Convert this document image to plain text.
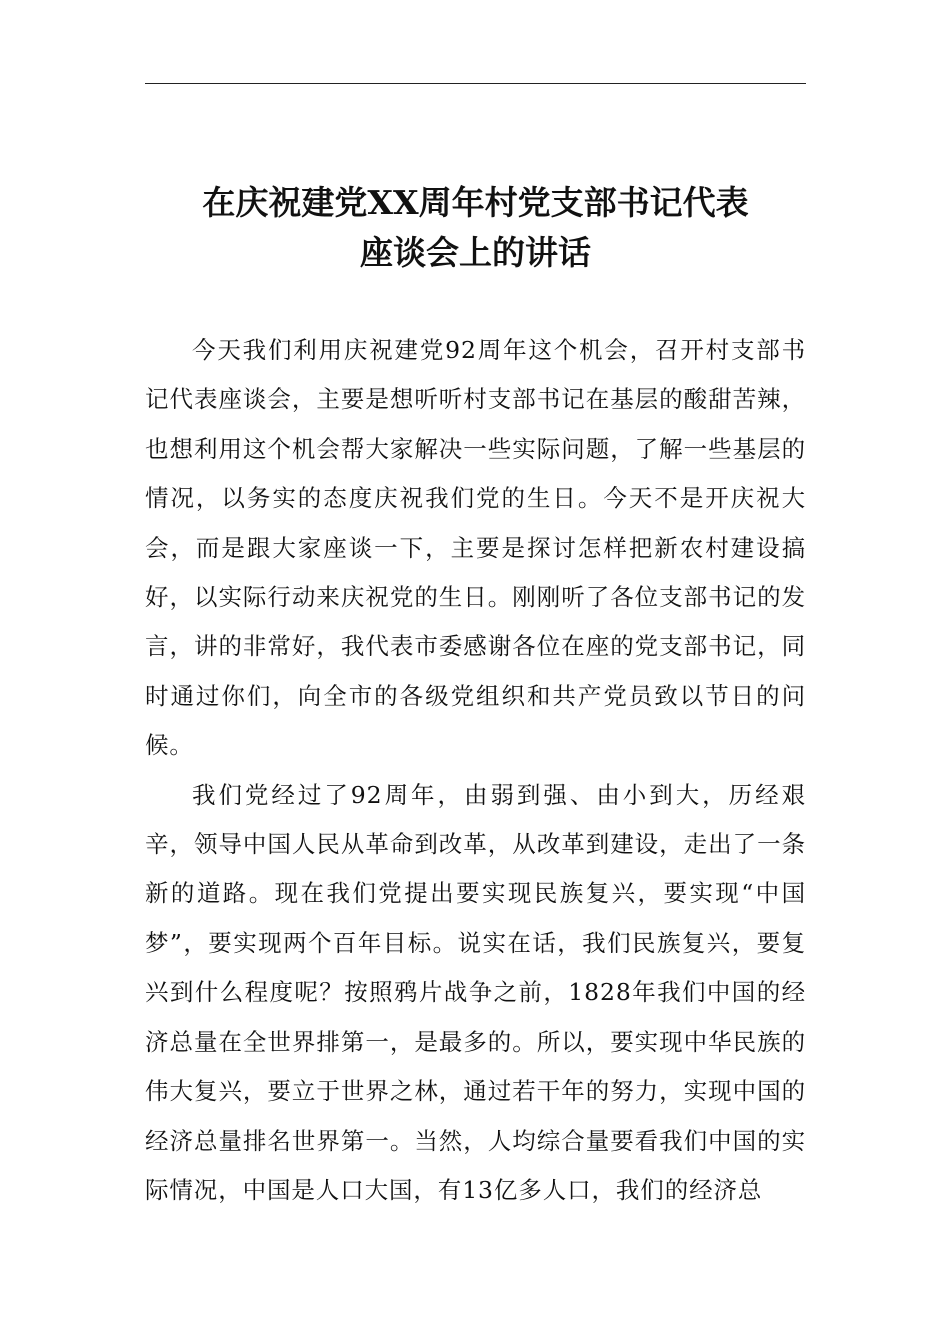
在庆祝建党XX周年村党支部书记代表
座谈会上的讲话

今天我们利用庆祝建党92周年这个机会，召开村支部书记代表座谈会，主要是想听听村支部书记在基层的酸甜苦辣，也想利用这个机会帮大家解决一些实际问题，了解一些基层的情况，以务实的态度庆祝我们党的生日。今天不是开庆祝大会，而是跟大家座谈一下，主要是探讨怎样把新农村建设搞好，以实际行动来庆祝党的生日。刚刚听了各位支部书记的发言，讲的非常好，我代表市委感谢各位在座的党支部书记，同时通过你们，向全市的各级党组织和共产党员致以节日的问候。

我们党经过了92周年，由弱到强、由小到大，历经艰辛，领导中国人民从革命到改革，从改革到建设，走出了一条新的道路。现在我们党提出要实现民族复兴，要实现“中国梦”，要实现两个百年目标。说实在话，我们民族复兴，要复兴到什么程度呢？按照鸦片战争之前，1828年我们中国的经济总量在全世界排第一，是最多的。所以，要实现中华民族的伟大复兴，要立于世界之林，通过若干年的努力，实现中国的经济总量排名世界第一。当然，人均综合量要看我们中国的实际情况，中国是人口大国，有13亿多人口，我们的经济总
